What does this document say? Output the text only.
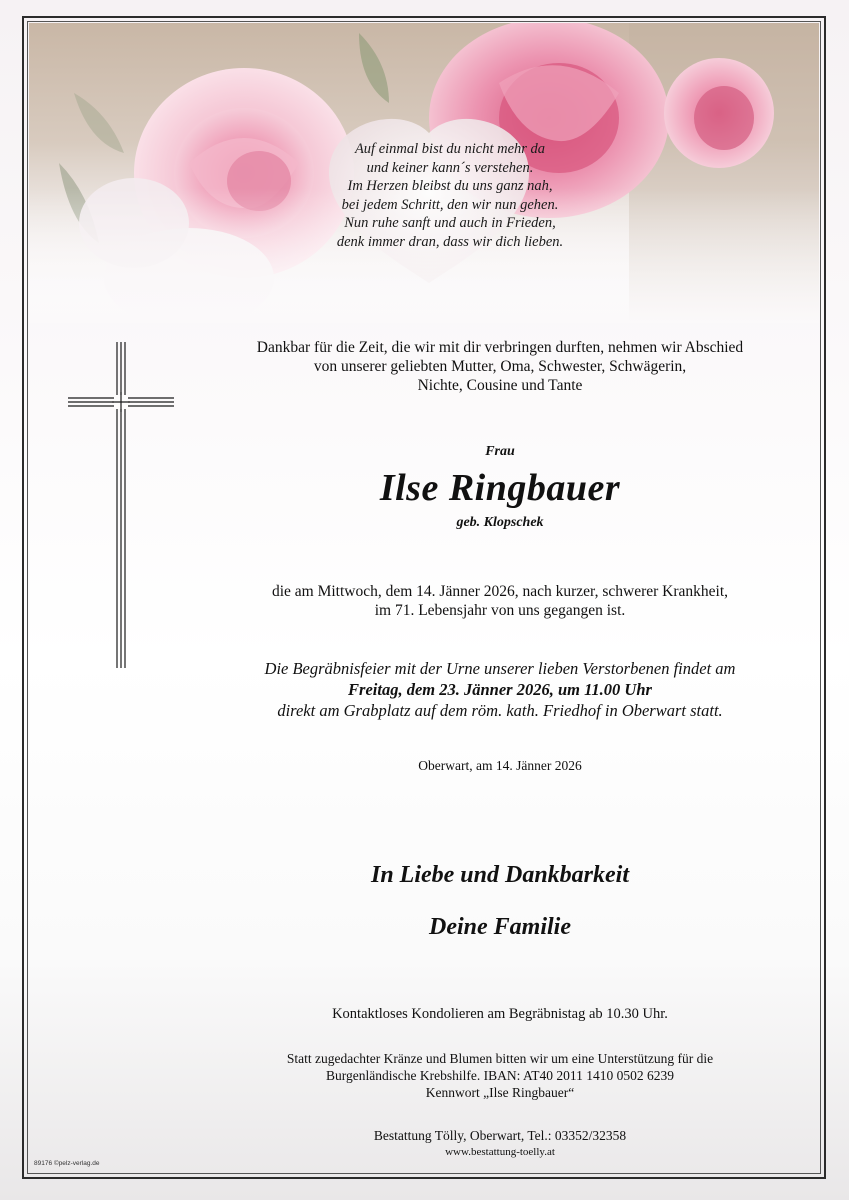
Auf einmal bist du nicht mehr da
und keiner kann´s verstehen.
Im Herzen bleibst du uns ganz nah,
bei jedem Schritt, den wir nun gehen.
Nun ruhe sanft und auch in Frieden,
denk immer dran, dass wir dich lieben.
Dankbar für die Zeit, die wir mit dir verbringen durften, nehmen wir Abschied
von unserer geliebten Mutter, Oma, Schwester, Schwägerin,
Nichte, Cousine und Tante
Frau
Ilse Ringbauer
geb. Klopschek
die am Mittwoch, dem 14. Jänner 2026, nach kurzer, schwerer Krankheit,
im 71. Lebensjahr von uns gegangen ist.
Die Begräbnisfeier mit der Urne unserer lieben Verstorbenen findet am
Freitag, dem 23. Jänner 2026, um 11.00 Uhr
direkt am Grabplatz auf dem röm. kath. Friedhof in Oberwart statt.
Oberwart, am 14. Jänner 2026
In Liebe und Dankbarkeit
Deine Familie
Kontaktloses Kondolieren am Begräbnistag ab 10.30 Uhr.
Statt zugedachter Kränze und Blumen bitten wir um eine Unterstützung für die
Burgenländische Krebshilfe. IBAN: AT40 2011 1410 0502 6239
Kennwort „Ilse Ringbauer“
Bestattung Tölly, Oberwart, Tel.: 03352/32358
www.bestattung-toelly.at
89176 ©pelz-verlag.de
